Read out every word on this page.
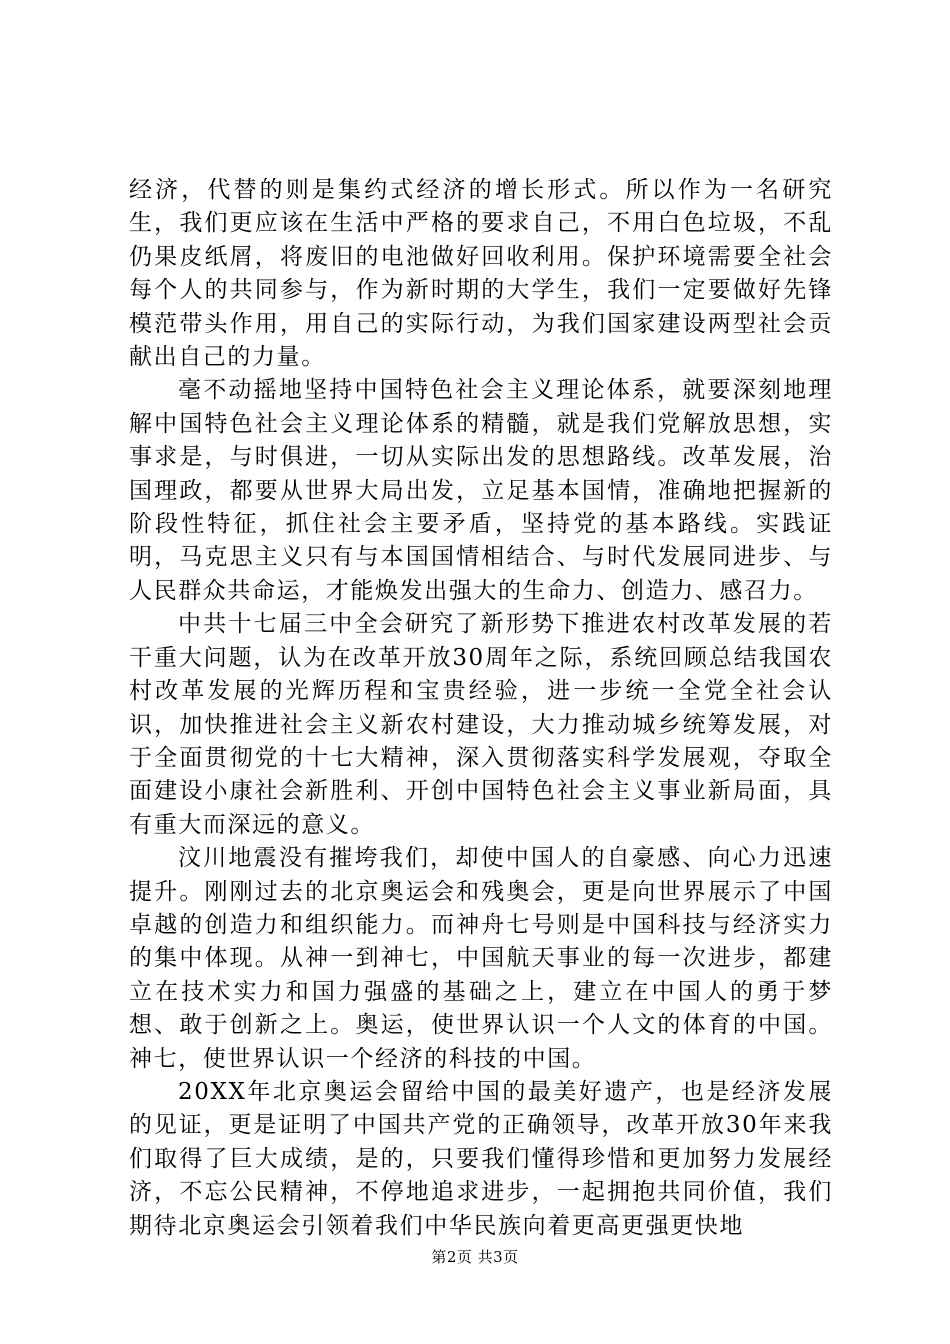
经济，代替的则是集约式经济的增长形式。所以作为一名研究生，我们更应该在生活中严格的要求自己，不用白色垃圾，不乱仍果皮纸屑，将废旧的电池做好回收利用。保护环境需要全社会每个人的共同参与，作为新时期的大学生，我们一定要做好先锋模范带头作用，用自己的实际行动，为我们国家建设两型社会贡献出自己的力量。

毫不动摇地坚持中国特色社会主义理论体系，就要深刻地理解中国特色社会主义理论体系的精髓，就是我们党解放思想，实事求是，与时俱进，一切从实际出发的思想路线。改革发展，治国理政，都要从世界大局出发，立足基本国情，准确地把握新的阶段性特征，抓住社会主要矛盾，坚持党的基本路线。实践证明，马克思主义只有与本国国情相结合、与时代发展同进步、与人民群众共命运，才能焕发出强大的生命力、创造力、感召力。

中共十七届三中全会研究了新形势下推进农村改革发展的若干重大问题，认为在改革开放30周年之际，系统回顾总结我国农村改革发展的光辉历程和宝贵经验，进一步统一全党全社会认识，加快推进社会主义新农村建设，大力推动城乡统筹发展，对于全面贯彻党的十七大精神，深入贯彻落实科学发展观，夺取全面建设小康社会新胜利、开创中国特色社会主义事业新局面，具有重大而深远的意义。

汶川地震没有摧垮我们，却使中国人的自豪感、向心力迅速提升。刚刚过去的北京奥运会和残奥会，更是向世界展示了中国卓越的创造力和组织能力。而神舟七号则是中国科技与经济实力的集中体现。从神一到神七，中国航天事业的每一次进步，都建立在技术实力和国力强盛的基础之上，建立在中国人的勇于梦想、敢于创新之上。奥运，使世界认识一个人文的体育的中国。神七，使世界认识一个经济的科技的中国。

20XX年北京奥运会留给中国的最美好遗产，也是经济发展的见证，更是证明了中国共产党的正确领导，改革开放30年来我们取得了巨大成绩，是的，只要我们懂得珍惜和更加努力发展经济，不忘公民精神，不停地追求进步，一起拥抱共同价值，我们期待北京奥运会引领着我们中华民族向着更高更强更快地

第2页 共3页
